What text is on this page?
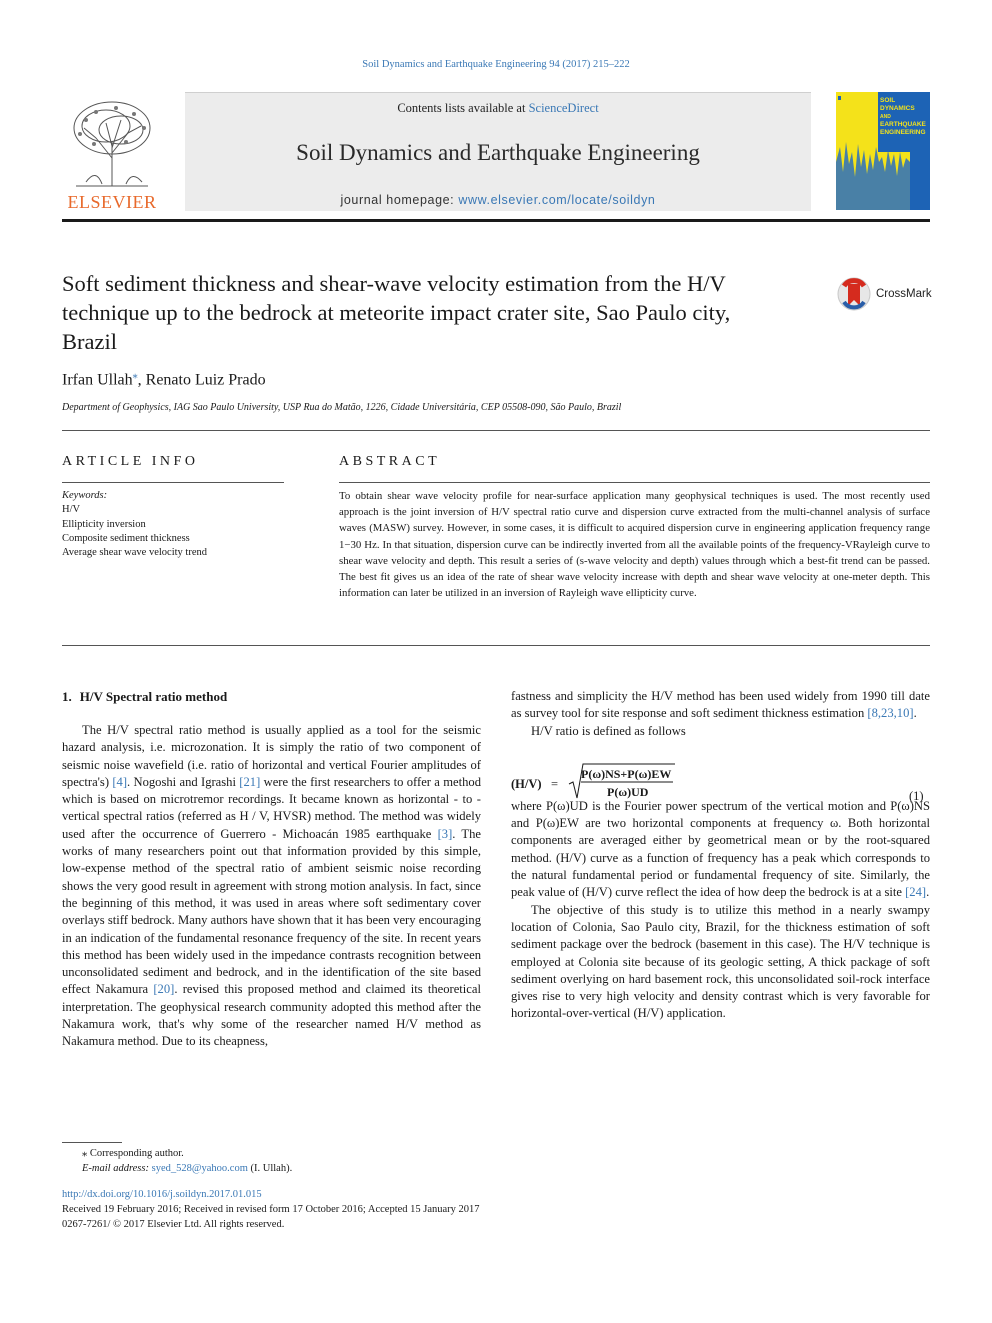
Soil Dynamics and Earthquake Engineering 94 (2017) 215–222
ELSEVIER
Contents lists available at ScienceDirect
Soil Dynamics and Earthquake Engineering
journal homepage: www.elsevier.com/locate/soildyn
SOIL
DYNAMICS
AND
EARTHQUAKE
ENGINEERING
Soft sediment thickness and shear-wave velocity estimation from the H/V
technique up to the bedrock at meteorite impact crater site, Sao Paulo city,
Brazil
CrossMark
Irfan Ullah⁎, Renato Luiz Prado
Department of Geophysics, IAG Sao Paulo University, USP Rua do Matão, 1226, Cidade Universitária, CEP 05508-090, São Paulo, Brazil
ARTICLE INFO	ABSTRACT
Keywords:
H/V
Ellipticity inversion
Composite sediment thickness
Average shear wave velocity trend
To obtain shear wave velocity profile for near-surface application many geophysical techniques is used. The most recently used approach is the joint inversion of H/V spectral ratio curve and dispersion curve extracted from the multi-channel analysis of surface waves (MASW) survey. However, in some cases, it is difficult to acquired dispersion curve in engineering application frequency range 1−30 Hz. In that situation, dispersion curve can be indirectly inverted from all the available points of the frequency-VRayleigh curve to shear wave velocity and depth. This result a series of (s-wave velocity and depth) values through which a best-fit trend can be passed. The best fit gives us an idea of the rate of shear wave velocity increase with depth and shear wave velocity at one-meter depth. This information can later be utilized in an inversion of Rayleigh wave ellipticity curve.
1. H/V Spectral ratio method

The H/V spectral ratio method is usually applied as a tool for the seismic hazard analysis, i.e. microzonation. It is simply the ratio of two component of seismic noise wavefield (i.e. ratio of horizontal and vertical Fourier amplitudes of spectra's) [4]. Nogoshi and Igrashi [21] were the first researchers to offer a method which is based on microtremor recordings. It became known as horizontal - to - vertical spectral ratios (referred as H / V, HVSR) method. The method was widely used after the occurrence of Guerrero - Michoacán 1985 earthquake [3]. The works of many researchers point out that information provided by this simple, low-expense method of the spectral ratio of ambient seismic noise recording shows the very good result in agreement with strong motion analysis. In fact, since the beginning of this method, it was used in areas where soft sedimentary cover overlays stiff bedrock. Many authors have shown that it has been very encouraging in an indication of the fundamental resonance frequency of the site. In recent years this method has been widely used in the impedance contrasts recognition between unconsolidated sediment and bedrock, and in the identification of the site based effect Nakamura [20]. revised this proposed method and claimed its theoretical interpretation. The geophysical research community adopted this method after the Nakamura work, that's why some of the researcher named H/V method as Nakamura method. Due to its cheapness,

fastness and simplicity the H/V method has been used widely from 1990 till date as survey tool for site response and soft sediment thickness estimation [8,23,10].

H/V ratio is defined as follows

where P(ω)UD is the Fourier power spectrum of the vertical motion and P(ω)NS and P(ω)EW are two horizontal components at frequency ω. Both horizontal components are averaged either by geometrical mean or by the root-squared method. (H/V) curve as a function of frequency has a peak which corresponds to the natural fundamental period or fundamental frequency of site. Similarly, the peak value of (H/V) curve reflect the idea of how deep the bedrock is at a site [24].

The objective of this study is to utilize this method in a nearly swampy location of Colonia, Sao Paulo city, Brazil, for the thickness estimation of soft sediment package over the bedrock (basement in this case). The H/V technique is employed at Colonia site because of its geologic setting, A thick package of soft sediment overlying on hard basement rock, this unconsolidated soil-rock interface gives rise to very high velocity and density contrast which is very favorable for horizontal-over-vertical (H/V) application.

(H/V) =
P(ω)NS+P(ω)EW
P(ω)UD	(1)
⁎ Corresponding author.
E-mail address: syed_528@yahoo.com (I. Ullah).
http://dx.doi.org/10.1016/j.soildyn.2017.01.015
Received 19 February 2016; Received in revised form 17 October 2016; Accepted 15 January 2017
0267-7261/ © 2017 Elsevier Ltd. All rights reserved.
